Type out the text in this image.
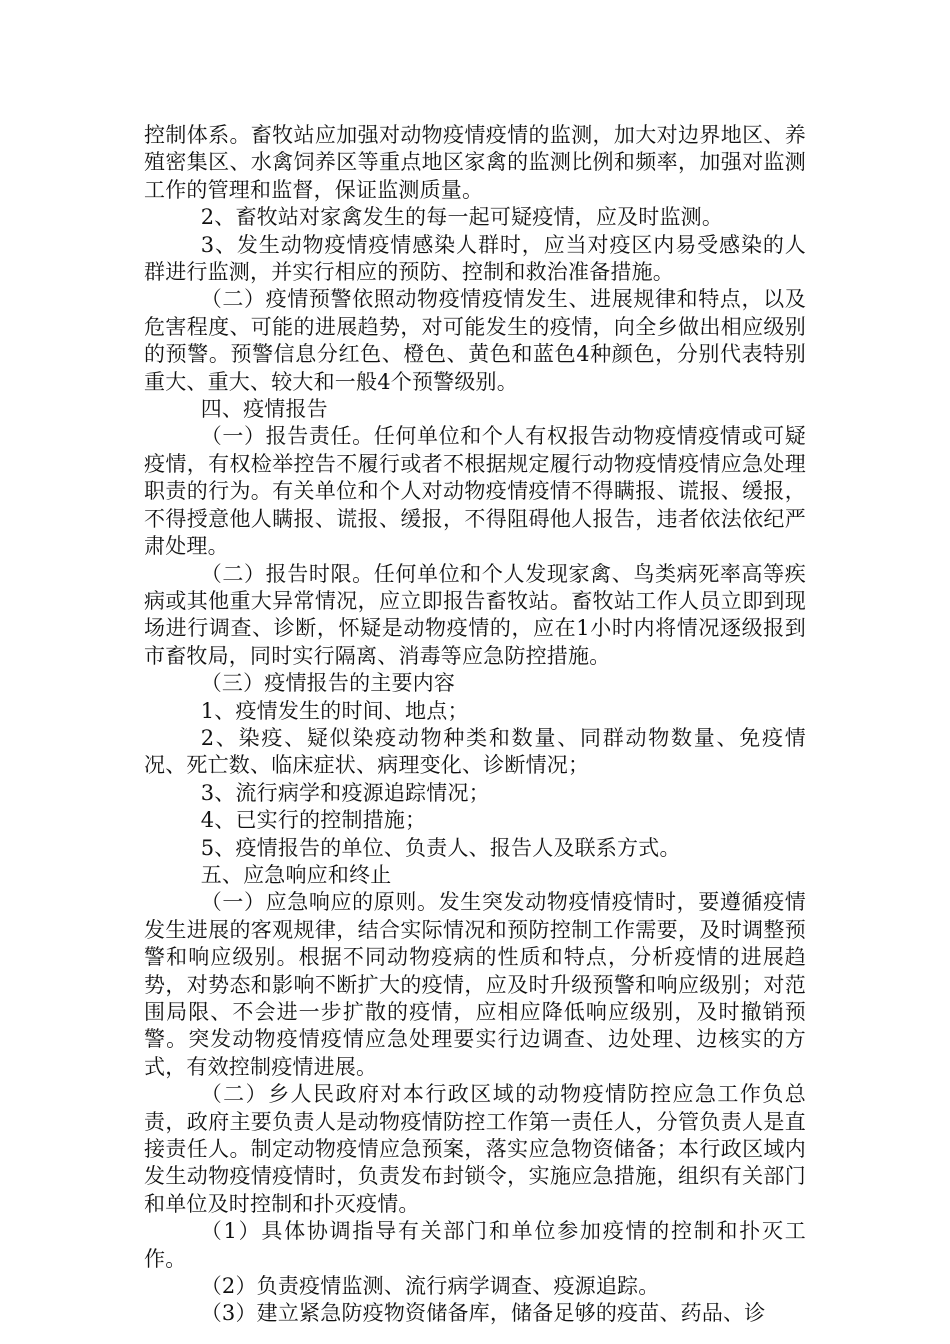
控制体系。畜牧站应加强对动物疫情疫情的监测，加大对边界地区、养殖密集区、水禽饲养区等重点地区家禽的监测比例和频率，加强对监测工作的管理和监督，保证监测质量。

2、畜牧站对家禽发生的每一起可疑疫情，应及时监测。

3、发生动物疫情疫情感染人群时，应当对疫区内易受感染的人群进行监测，并实行相应的预防、控制和救治准备措施。

（二）疫情预警依照动物疫情疫情发生、进展规律和特点，以及危害程度、可能的进展趋势，对可能发生的疫情，向全乡做出相应级别的预警。预警信息分红色、橙色、黄色和蓝色4种颜色，分别代表特别重大、重大、较大和一般4个预警级别。

四、疫情报告

（一）报告责任。任何单位和个人有权报告动物疫情疫情或可疑疫情，有权检举控告不履行或者不根据规定履行动物疫情疫情应急处理职责的行为。有关单位和个人对动物疫情疫情不得瞒报、谎报、缓报，不得授意他人瞒报、谎报、缓报，不得阻碍他人报告，违者依法依纪严肃处理。

（二）报告时限。任何单位和个人发现家禽、鸟类病死率高等疾病或其他重大异常情况，应立即报告畜牧站。畜牧站工作人员立即到现场进行调查、诊断，怀疑是动物疫情的，应在1小时内将情况逐级报到市畜牧局，同时实行隔离、消毒等应急防控措施。

（三）疫情报告的主要内容

1、疫情发生的时间、地点；

2、染疫、疑似染疫动物种类和数量、同群动物数量、免疫情况、死亡数、临床症状、病理变化、诊断情况；

3、流行病学和疫源追踪情况；

4、已实行的控制措施；

5、疫情报告的单位、负责人、报告人及联系方式。

五、应急响应和终止

（一）应急响应的原则。发生突发动物疫情疫情时，要遵循疫情发生进展的客观规律，结合实际情况和预防控制工作需要，及时调整预警和响应级别。根据不同动物疫病的性质和特点，分析疫情的进展趋势，对势态和影响不断扩大的疫情，应及时升级预警和响应级别；对范围局限、不会进一步扩散的疫情，应相应降低响应级别，及时撤销预警。突发动物疫情疫情应急处理要实行边调查、边处理、边核实的方式，有效控制疫情进展。

（二）乡人民政府对本行政区域的动物疫情防控应急工作负总责，政府主要负责人是动物疫情防控工作第一责任人，分管负责人是直接责任人。制定动物疫情应急预案，落实应急物资储备；本行政区域内发生动物疫情疫情时，负责发布封锁令，实施应急措施，组织有关部门和单位及时控制和扑灭疫情。

（1）具体协调指导有关部门和单位参加疫情的控制和扑灭工作。

（2）负责疫情监测、流行病学调查、疫源追踪。

（3）建立紧急防疫物资储备库，储备足够的疫苗、药品、诊
